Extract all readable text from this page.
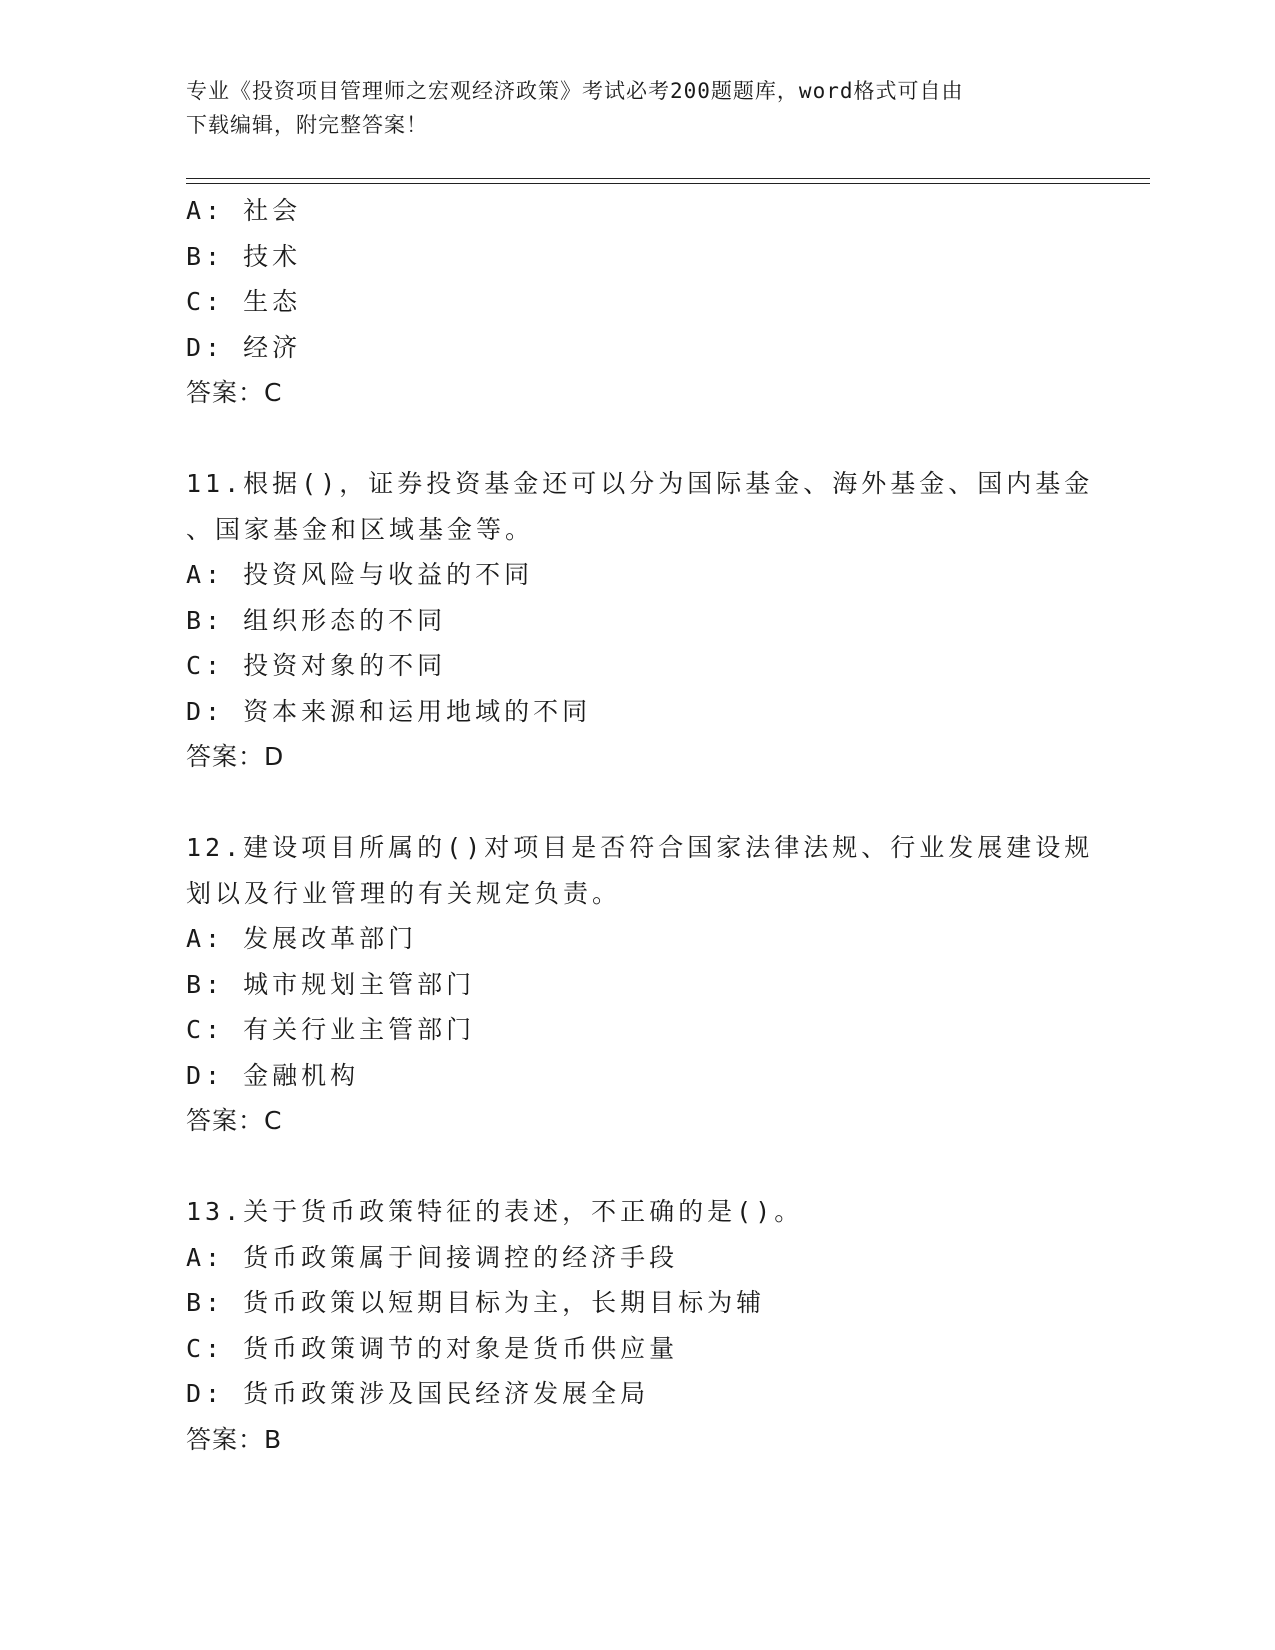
专业《投资项目管理师之宏观经济政策》考试必考200题题库，word格式可自由
下载编辑，附完整答案！
A: 社会
B: 技术
C: 生态
D: 经济
答案：C
11.根据()，证券投资基金还可以分为国际基金、海外基金、国内基金
、国家基金和区域基金等。
A: 投资风险与收益的不同
B: 组织形态的不同
C: 投资对象的不同
D: 资本来源和运用地域的不同
答案：D
12.建设项目所属的()对项目是否符合国家法律法规、行业发展建设规
划以及行业管理的有关规定负责。
A: 发展改革部门
B: 城市规划主管部门
C: 有关行业主管部门
D: 金融机构
答案：C
13.关于货币政策特征的表述，不正确的是()。
A: 货币政策属于间接调控的经济手段
B: 货币政策以短期目标为主，长期目标为辅
C: 货币政策调节的对象是货币供应量
D: 货币政策涉及国民经济发展全局
答案：B
